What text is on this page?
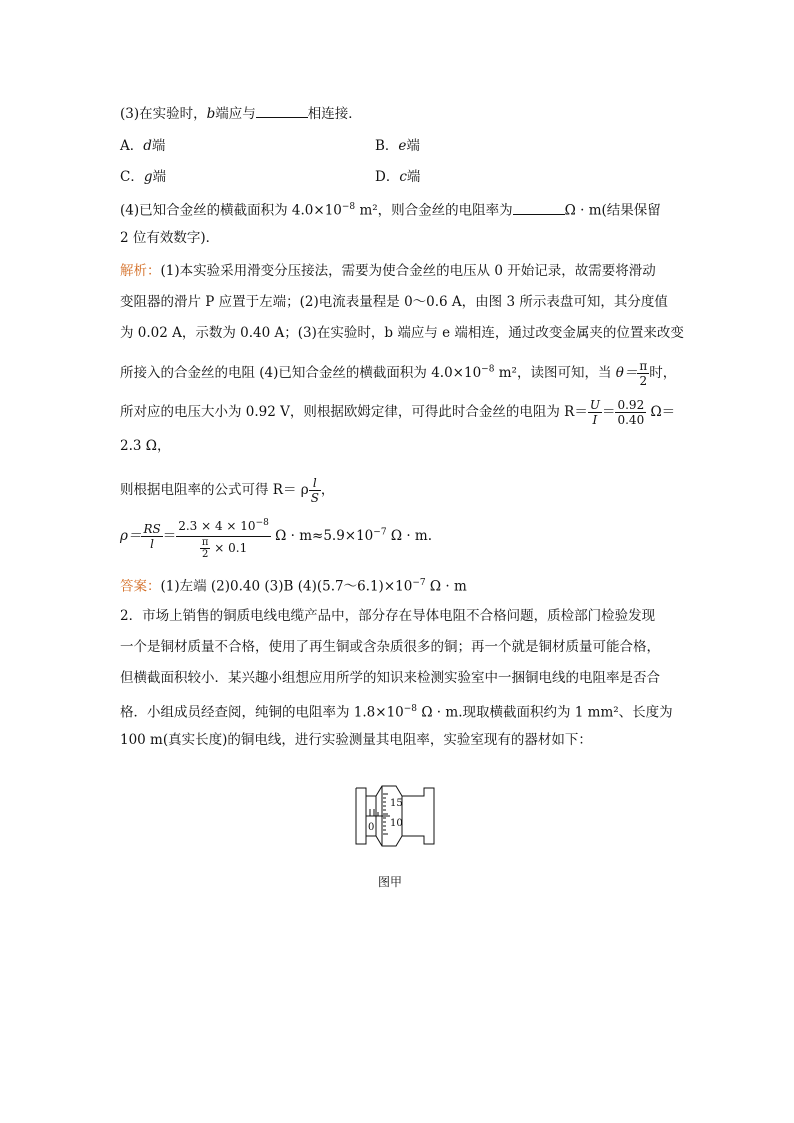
(3)在实验时，b端应与	相连接．
A．d端	B．e端
C．g端	D．c端
(4)已知合金丝的横截面积为 $4.0\times 10^{-8}$ m²，则合金丝的电阻率为	Ω · m(结果保留
2 位有效数字)．
解析：(1)本实验采用滑变分压接法，需要为使合金丝的电压从 0 开始记录，故需要将滑动
变阻器的滑片 P 应置于左端；(2)电流表量程是 0～0.6 A，由图 3 所示表盘可知，其分度值
为 0.02 A，示数为 0.40 A；(3)在实验时，b 端应与 e 端相连，通过改变金属夹的位置来改变
所接入的合金丝的电阻 (4)已知合金丝的横截面积为 $4.0\times 10^{-8}$ m²，读图可知，当 $\theta= \frac{\pi}{2}$ 时，
所对应的电压大小为 0.92 V，则根据欧姆定律，可得此时合金丝的电阻为 $R= \frac{U}{I} = \frac{0.92}{0.40} \Omega=$
2.3 Ω，
则根据电阻率的公式可得 R＝ ρ $\frac{l}{S}$ ，
$\rho= \frac{RS}{l} = \frac{2.3 \times 4 \times 10^{-8}}{\frac{\pi}{2} \times 0.1}$ $\Omega \cdot m\approx 5.9\times 10^{-7}$ Ω · m.
答案：(1)左端 (2)0.40 (3)B $(4)(5.7\sim 6.1)\times 10^{-7}$ Ω · m
2．市场上销售的铜质电线电缆产品中，部分存在导体电阻不合格问题，质检部门检验发现
一个是铜材质量不合格，使用了再生铜或含杂质很多的铜；再一个就是铜材质量可能合格，
但横截面积较小．某兴趣小组想应用所学的知识来检测实验室中一捆铜电线的电阻率是否合
格．小组成员经查阅，纯铜的电阻率为 $1.8\times 10^{-8}$ Ω · m.现取横截面积约为 1 mm²、长度为
100 m(真实长度)的铜电线，进行实验测量其电阻率，实验室现有的器材如下：
15
10
0
图甲
